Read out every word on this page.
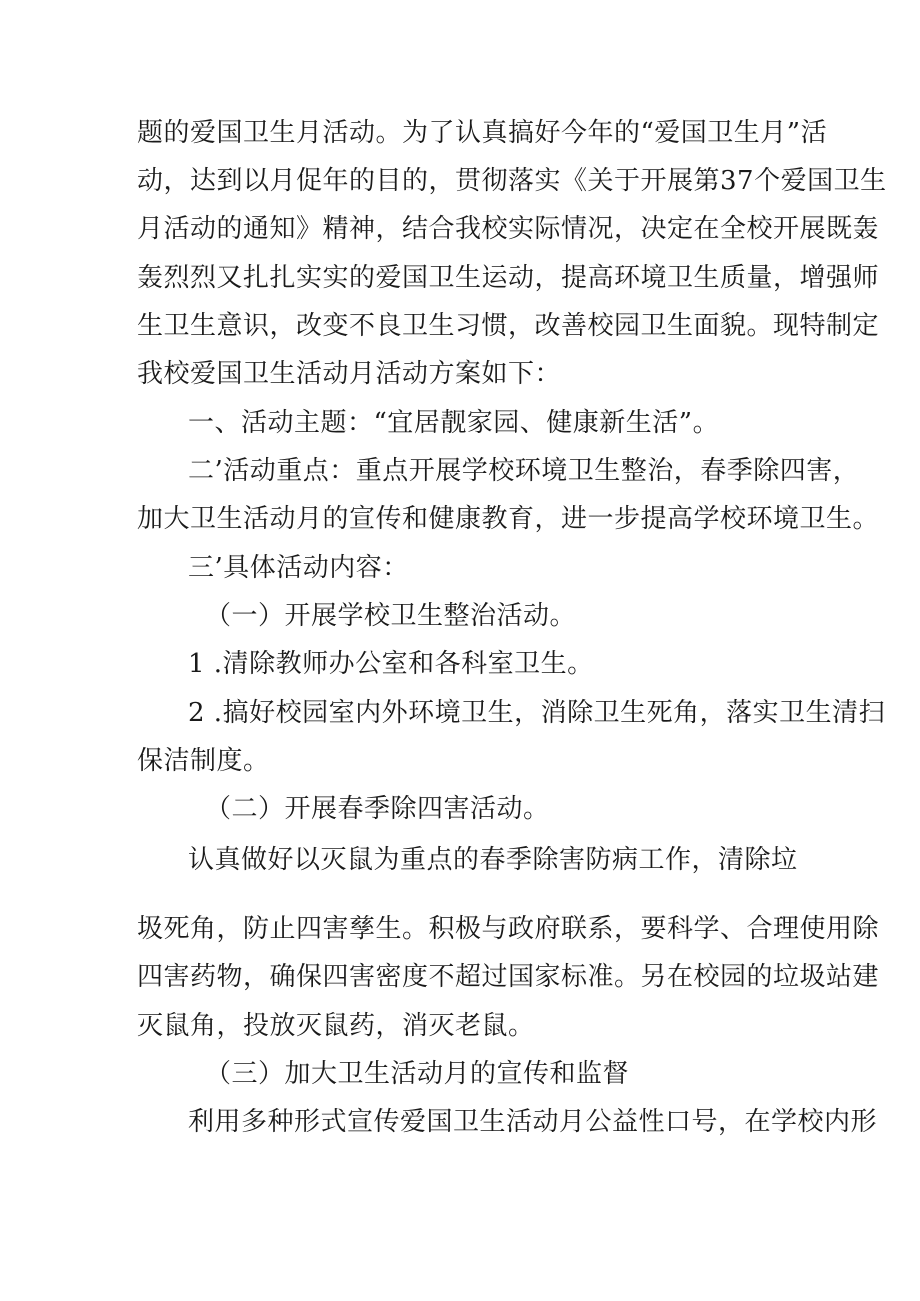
题的爱国卫生月活动。为了认真搞好今年的“爱国卫生月”活
动，达到以月促年的目的，贯彻落实《关于开展第37个爱国卫生
月活动的通知》精神，结合我校实际情况，决定在全校开展既轰
轰烈烈又扎扎实实的爱国卫生运动，提高环境卫生质量，增强师
生卫生意识，改变不良卫生习惯，改善校园卫生面貌。现特制定
我校爱国卫生活动月活动方案如下：
一、活动主题：“宜居靓家园、健康新生活”。
二’活动重点：重点开展学校环境卫生整治，春季除四害，
加大卫生活动月的宣传和健康教育，进一步提高学校环境卫生。
三’具体活动内容：
（一）开展学校卫生整治活动。
1 .清除教师办公室和各科室卫生。
2 .搞好校园室内外环境卫生，消除卫生死角，落实卫生清扫
保洁制度。
（二）开展春季除四害活动。
认真做好以灭鼠为重点的春季除害防病工作，清除垃
圾死角，防止四害孳生。积极与政府联系，要科学、合理使用除
四害药物，确保四害密度不超过国家标准。另在校园的垃圾站建
灭鼠角，投放灭鼠药，消灭老鼠。
（三）加大卫生活动月的宣传和监督
利用多种形式宣传爱国卫生活动月公益性口号，在学校内形
